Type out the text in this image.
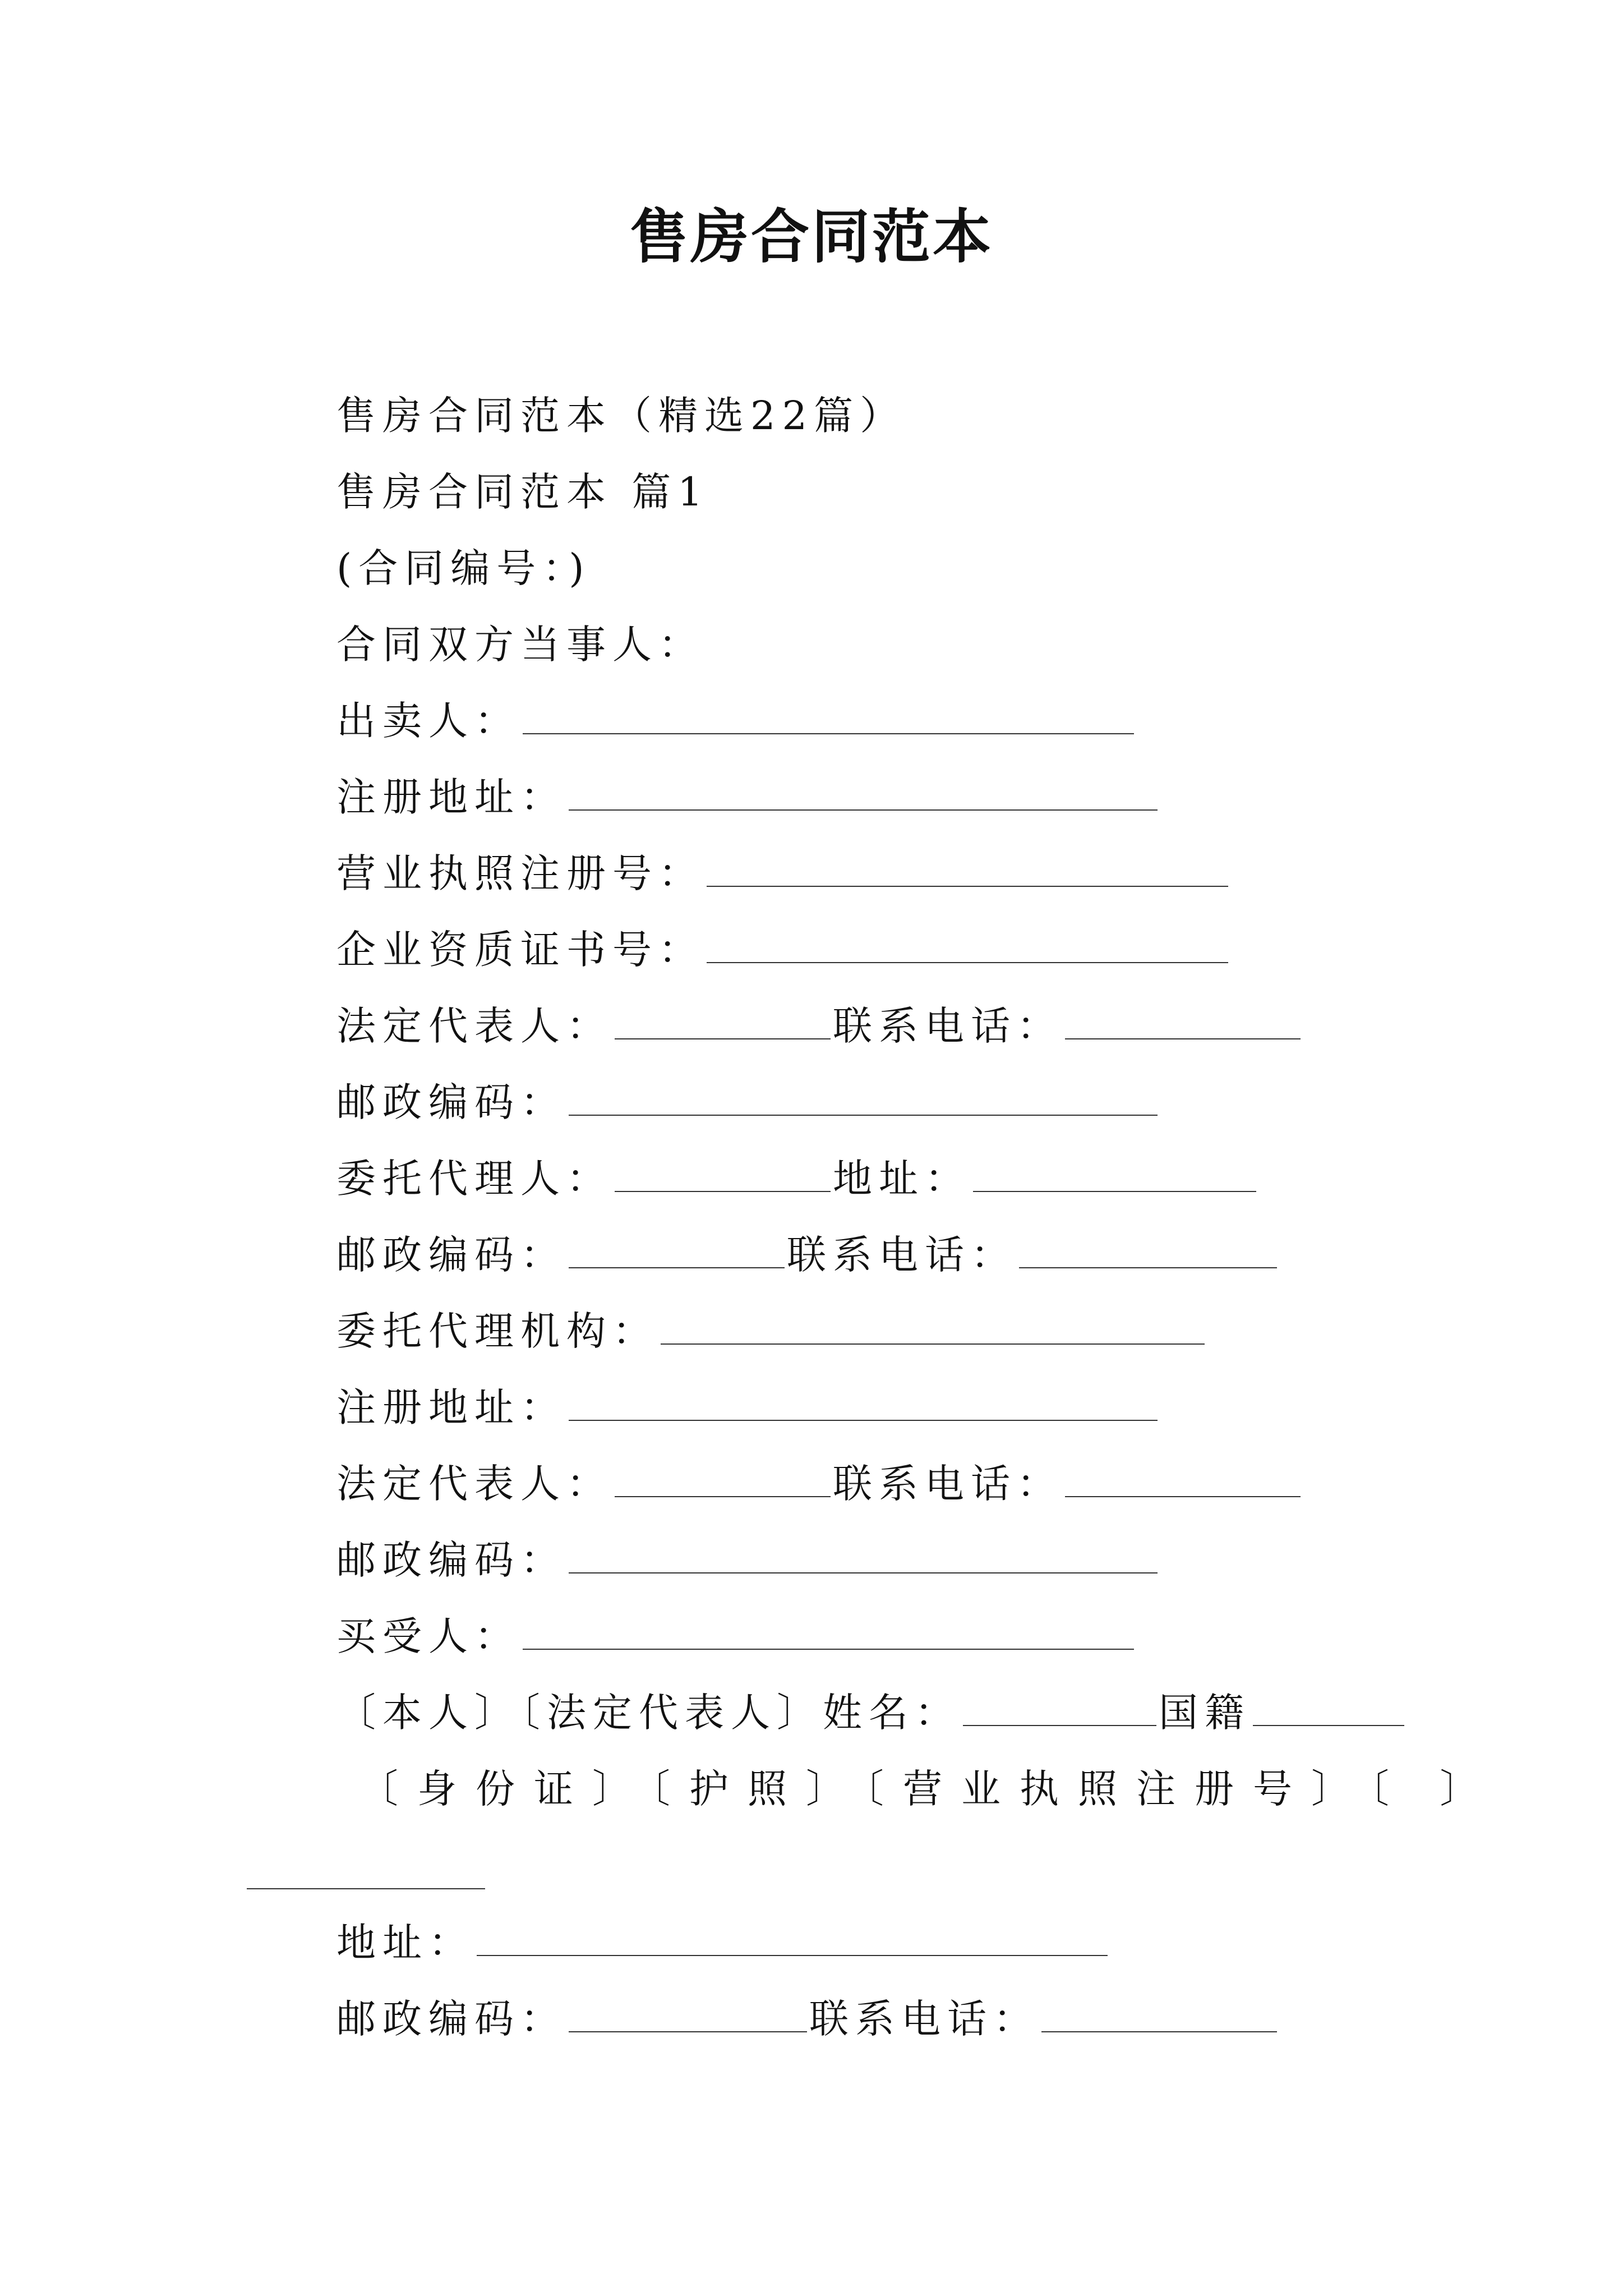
售房合同范本
售房合同范本（精选22篇）
售房合同范本 篇1
(合同编号：)
合同双方当事人：
出卖人：
注册地址：
营业执照注册号：
企业资质证书号：
法定代表人：	联系电话：
邮政编码：
委托代理人：	地址：
邮政编码：	联系电话：
委托代理机构：
注册地址：
法定代表人：	联系电话：
邮政编码：
买受人：
〔本人〕〔法定代表人〕姓名：	国籍
〔身份证〕〔护照〕〔营业执照注册号〕〔 〕
地址：
邮政编码：	联系电话：
